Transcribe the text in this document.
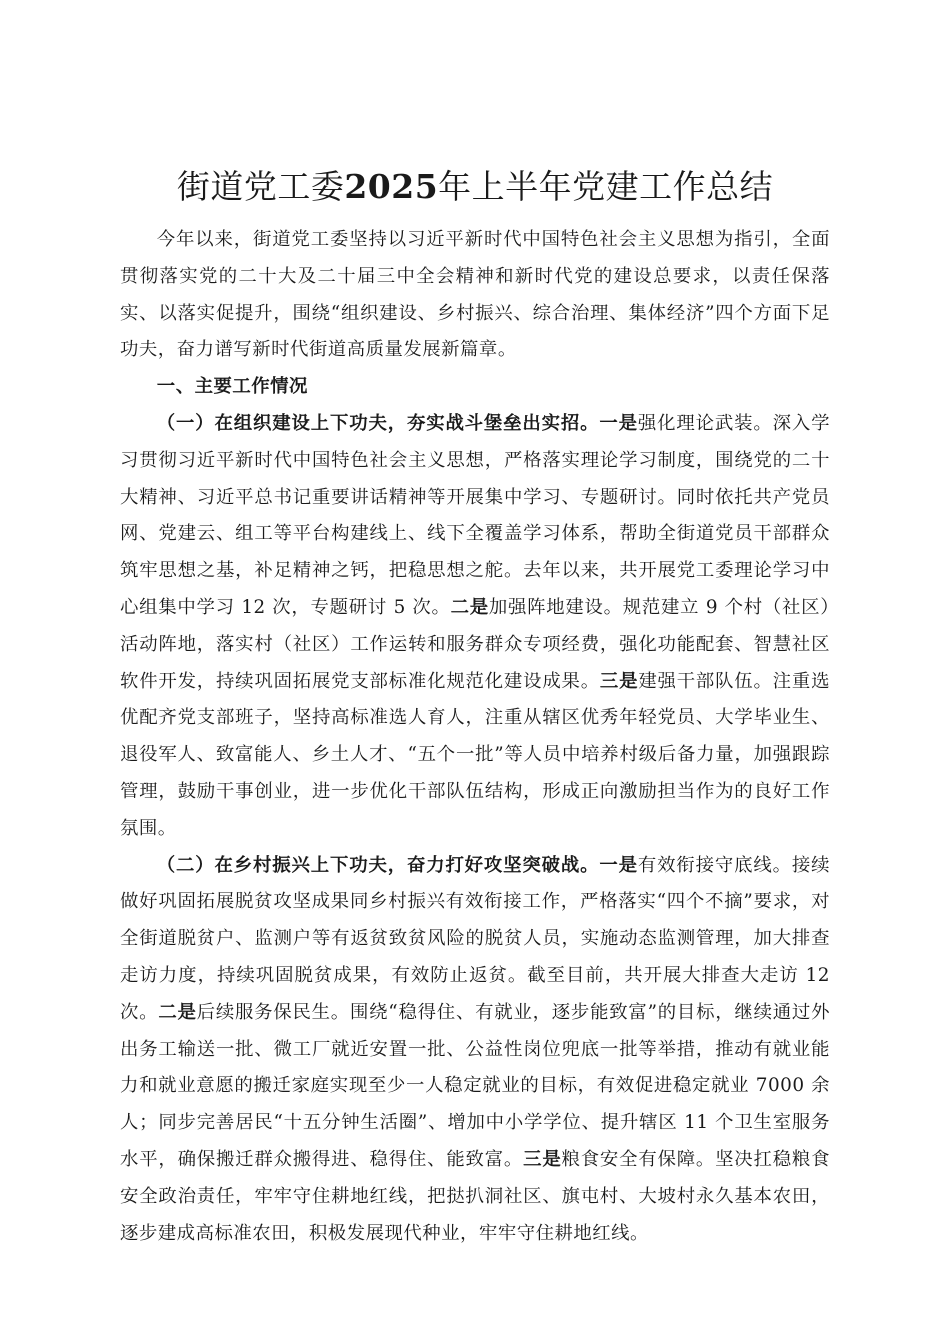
街道党工委2025年上半年党建工作总结

今年以来，街道党工委坚持以习近平新时代中国特色社会主义思想为指引，全面贯彻落实党的二十大及二十届三中全会精神和新时代党的建设总要求，以责任保落实、以落实促提升，围绕“组织建设、乡村振兴、综合治理、集体经济”四个方面下足功夫，奋力谱写新时代街道高质量发展新篇章。

一、主要工作情况

（一）在组织建设上下功夫，夯实战斗堡垒出实招。一是强化理论武装。深入学习贯彻习近平新时代中国特色社会主义思想，严格落实理论学习制度，围绕党的二十大精神、习近平总书记重要讲话精神等开展集中学习、专题研讨。同时依托共产党员网、党建云、组工等平台构建线上、线下全覆盖学习体系，帮助全街道党员干部群众筑牢思想之基，补足精神之钙，把稳思想之舵。去年以来，共开展党工委理论学习中心组集中学习 12 次，专题研讨 5 次。二是加强阵地建设。规范建立 9 个村（社区）活动阵地，落实村（社区）工作运转和服务群众专项经费，强化功能配套、智慧社区软件开发，持续巩固拓展党支部标准化规范化建设成果。三是建强干部队伍。注重选优配齐党支部班子，坚持高标准选人育人，注重从辖区优秀年轻党员、大学毕业生、退役军人、致富能人、乡土人才、“五个一批”等人员中培养村级后备力量，加强跟踪管理，鼓励干事创业，进一步优化干部队伍结构，形成正向激励担当作为的良好工作氛围。

（二）在乡村振兴上下功夫，奋力打好攻坚突破战。一是有效衔接守底线。接续做好巩固拓展脱贫攻坚成果同乡村振兴有效衔接工作，严格落实“四个不摘”要求，对全街道脱贫户、监测户等有返贫致贫风险的脱贫人员，实施动态监测管理，加大排查走访力度，持续巩固脱贫成果，有效防止返贫。截至目前，共开展大排查大走访 12 次。二是后续服务保民生。围绕“稳得住、有就业，逐步能致富”的目标，继续通过外出务工输送一批、微工厂就近安置一批、公益性岗位兜底一批等举措，推动有就业能力和就业意愿的搬迁家庭实现至少一人稳定就业的目标，有效促进稳定就业 7000 余人；同步完善居民“十五分钟生活圈”、增加中小学学位、提升辖区 11 个卫生室服务水平，确保搬迁群众搬得进、稳得住、能致富。三是粮食安全有保障。坚决扛稳粮食安全政治责任，牢牢守住耕地红线，把挞扒洞社区、旗屯村、大坡村永久基本农田，逐步建成高标准农田，积极发展现代种业，牢牢守住耕地红线。
